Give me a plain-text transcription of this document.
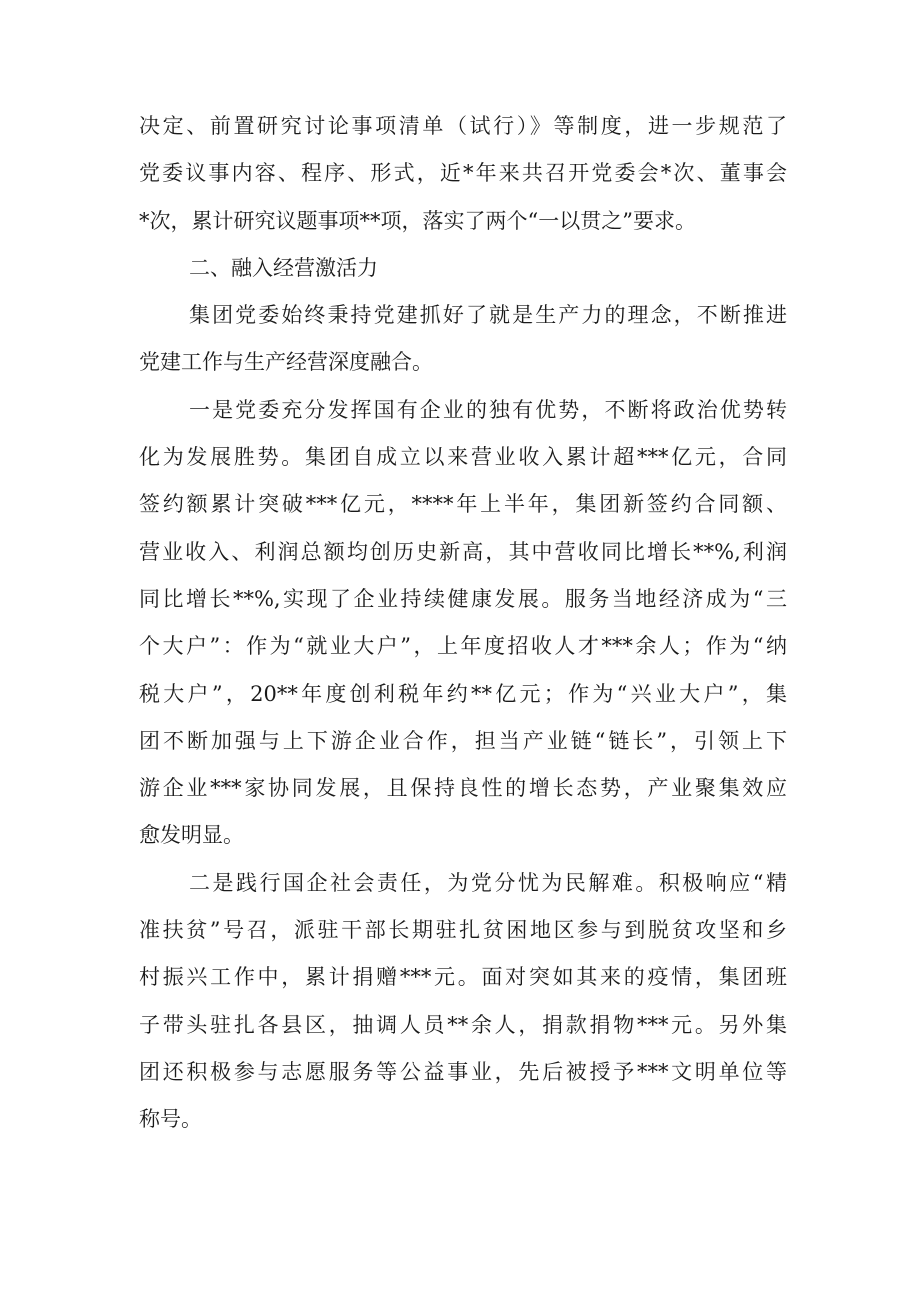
决定、前置研究讨论事项清单（试行）》等制度，进一步规范了
党委议事内容、程序、形式，近*年来共召开党委会*次、董事会
*次，累计研究议题事项**项，落实了两个“一以贯之”要求。
二、融入经营激活力
集团党委始终秉持党建抓好了就是生产力的理念，不断推进
党建工作与生产经营深度融合。
一是党委充分发挥国有企业的独有优势，不断将政治优势转
化为发展胜势。集团自成立以来营业收入累计超***亿元，合同
签约额累计突破***亿元，****年上半年，集团新签约合同额、
营业收入、利润总额均创历史新高，其中营收同比增长**%,利润
同比增长**%,实现了企业持续健康发展。服务当地经济成为“三
个大户”：作为“就业大户”，上年度招收人才***余人；作为“纳
税大户”，20**年度创利税年约**亿元；作为“兴业大户”，集
团不断加强与上下游企业合作，担当产业链“链长”，引领上下
游企业***家协同发展，且保持良性的增长态势，产业聚集效应
愈发明显。
二是践行国企社会责任，为党分忧为民解难。积极响应“精
准扶贫”号召，派驻干部长期驻扎贫困地区参与到脱贫攻坚和乡
村振兴工作中，累计捐赠***元。面对突如其来的疫情，集团班
子带头驻扎各县区，抽调人员**余人，捐款捐物***元。另外集
团还积极参与志愿服务等公益事业，先后被授予***文明单位等
称号。
